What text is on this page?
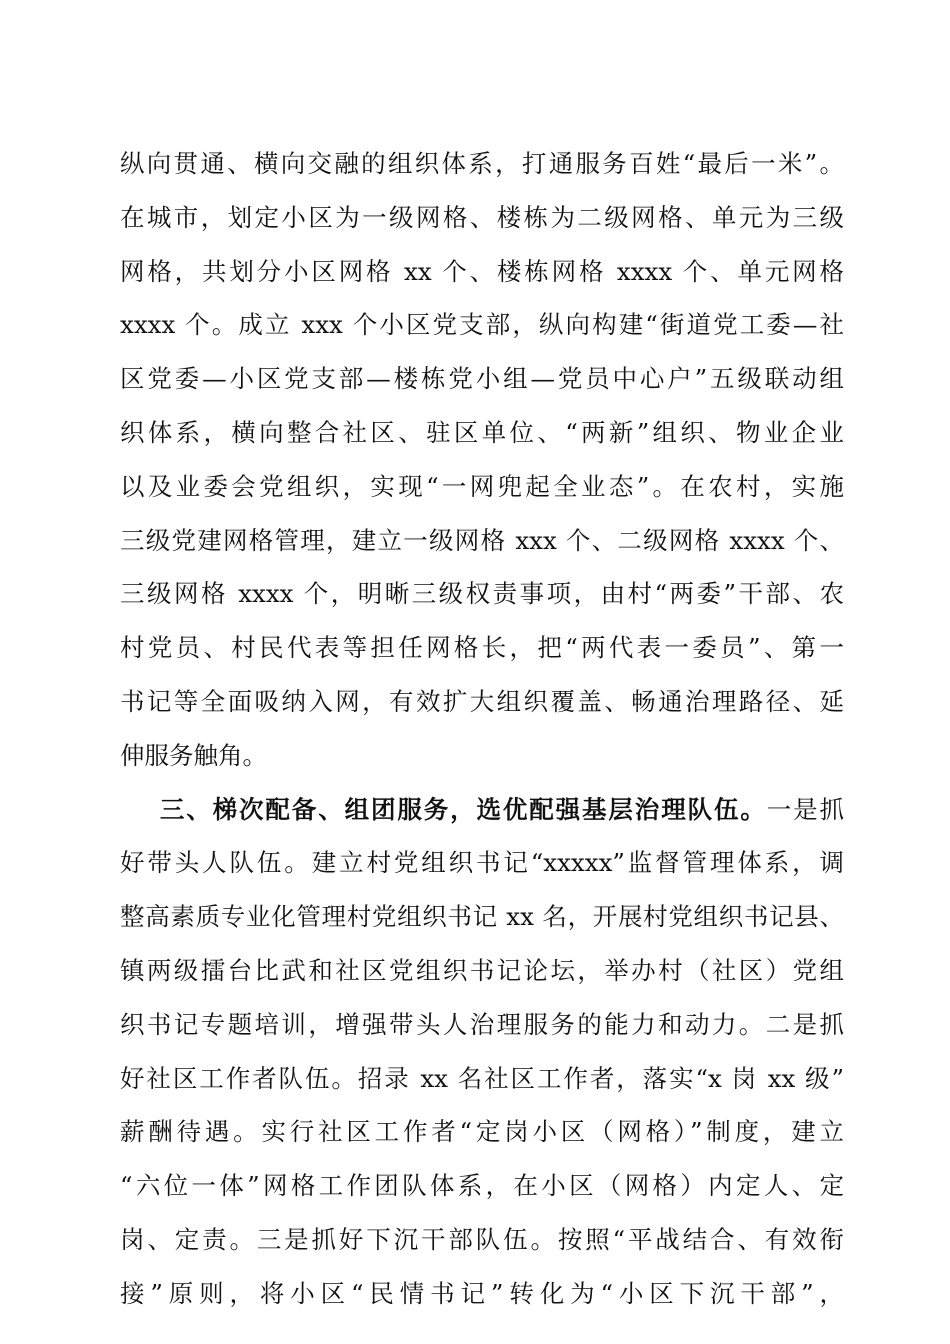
纵向贯通、横向交融的组织体系，打通服务百姓“最后一米”。
在城市，划定小区为一级网格、楼栋为二级网格、单元为三级
网格，共划分小区网格 xx 个、楼栋网格 xxxx 个、单元网格
xxxx 个。成立 xxx 个小区党支部，纵向构建“街道党工委—社
区党委—小区党支部—楼栋党小组—党员中心户”五级联动组
织体系，横向整合社区、驻区单位、“两新”组织、物业企业
以及业委会党组织，实现“一网兜起全业态”。在农村，实施
三级党建网格管理，建立一级网格 xxx 个、二级网格 xxxx 个、
三级网格 xxxx 个，明晰三级权责事项，由村“两委”干部、农
村党员、村民代表等担任网格长，把“两代表一委员”、第一
书记等全面吸纳入网，有效扩大组织覆盖、畅通治理路径、延
伸服务触角。
三、梯次配备、组团服务，选优配强基层治理队伍。一是抓
好带头人队伍。建立村党组织书记“xxxxx”监督管理体系，调
整高素质专业化管理村党组织书记 xx 名，开展村党组织书记县、
镇两级擂台比武和社区党组织书记论坛，举办村（社区）党组
织书记专题培训，增强带头人治理服务的能力和动力。二是抓
好社区工作者队伍。招录 xx 名社区工作者，落实“x 岗 xx 级”
薪酬待遇。实行社区工作者“定岗小区（网格）”制度，建立
“六位一体”网格工作团队体系，在小区（网格）内定人、定
岗、定责。三是抓好下沉干部队伍。按照“平战结合、有效衔
接”原则，将小区“民情书记”转化为“小区下沉干部”，
